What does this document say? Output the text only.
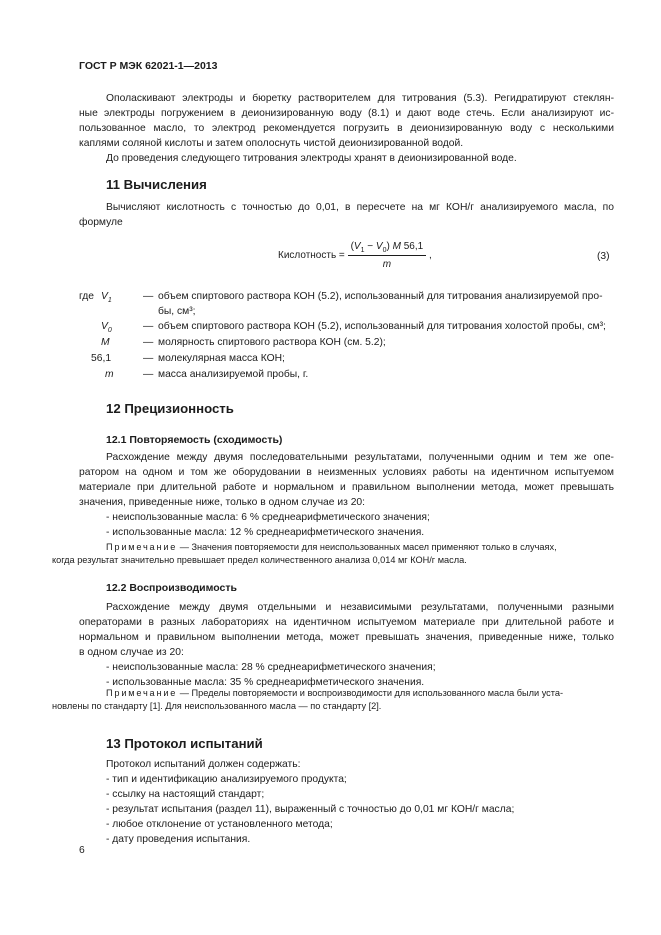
ГОСТ Р МЭК 62021-1—2013
Ополаскивают электроды и бюретку растворителем для титрования (5.3). Регидратируют стеклян-
ные электроды погружением в деионизированную воду (8.1) и дают воде стечь. Если анализируют ис-
пользованное масло, то электрод рекомендуется погрузить в деионизированную воду с несколькими
каплями соляной кислоты и затем ополоснуть чистой деионизированной водой.
До проведения следующего титрования электроды хранят в деионизированной воде.
11 Вычисления
Вычисляют кислотность с точностью до 0,01, в пересчете на мг КОН/г анализируемого масла, по
формуле
Кислотность = $\frac{(V_1 - V_0) M 56,1}{m}$ ,	(3)
где $V_1$	— объем спиртового раствора КОН (5.2), использованный для титрования анализируемой про-
бы, см³;
$V_0$	— объем спиртового раствора КОН (5.2), использованный для титрования холостой пробы, см³;
M	— молярность спиртового раствора КОН (см. 5.2);
56,1	— молекулярная масса КОН;
m	— масса анализируемой пробы, г.
12 Прецизионность
12.1 Повторяемость (сходимость)
Расхождение между двумя последовательными результатами, полученными одним и тем же опе-
ратором на одном и том же оборудовании в неизменных условиях работы на идентичном испытуемом
материале при длительной работе и нормальном и правильном выполнении метода, может превышать
значения, приведенные ниже, только в одном случае из 20:
- неиспользованные масла: 6 % среднеарифметического значения;
- использованные масла: 12 % среднеарифметического значения.
Примечание — Значения повторяемости для неиспользованных масел применяют только в случаях,
когда результат значительно превышает предел количественного анализа 0,014 мг КОН/г масла.
12.2 Воспроизводимость
Расхождение между двумя отдельными и независимыми результатами, полученными разными
операторами в разных лабораториях на идентичном испытуемом материале при длительной работе и
нормальном и правильном выполнении метода, может превышать значения, приведенные ниже, только
в одном случае из 20:
- неиспользованные масла: 28 % среднеарифметического значения;
- использованные масла: 35 % среднеарифметического значения.
Примечание — Пределы повторяемости и воспроизводимости для использованного масла были уста-
новлены по стандарту [1]. Для неиспользованного масла — по стандарту [2].
13 Протокол испытаний
Протокол испытаний должен содержать:
- тип и идентификацию анализируемого продукта;
- ссылку на настоящий стандарт;
- результат испытания (раздел 11), выраженный с точностью до 0,01 мг КОН/г масла;
- любое отклонение от установленного метода;
- дату проведения испытания.
6
